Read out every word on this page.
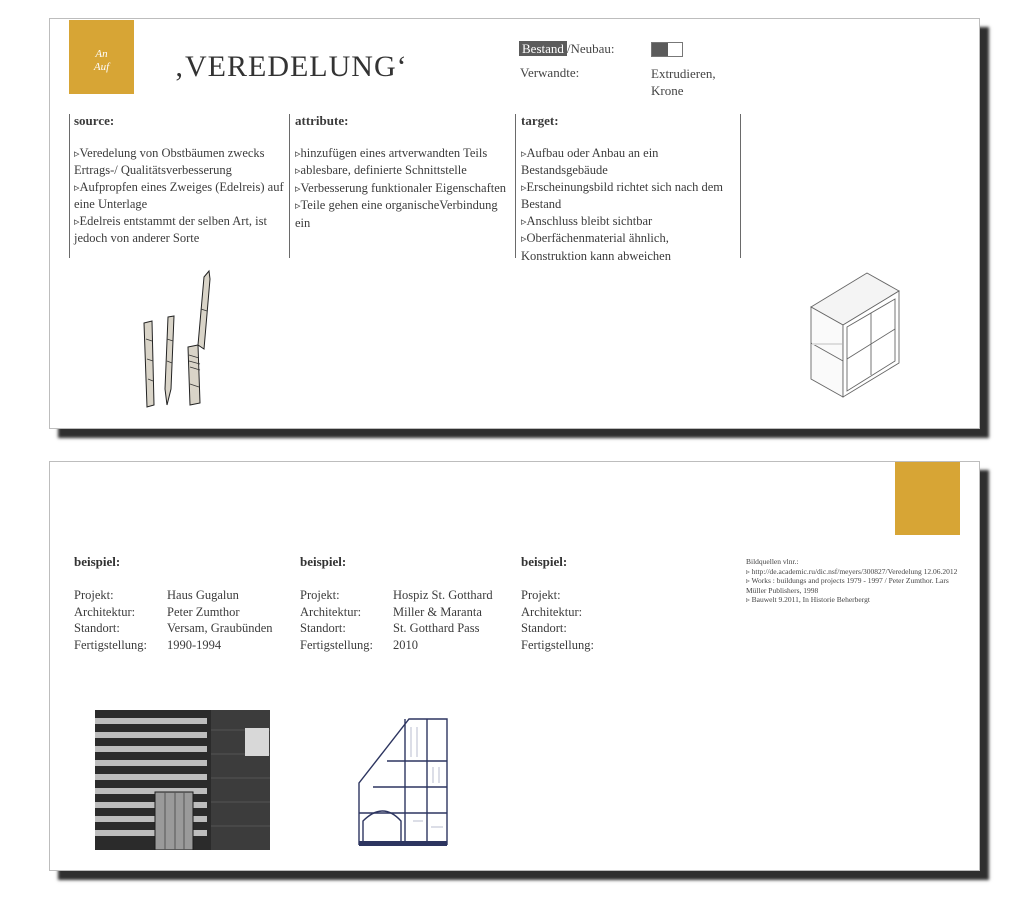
An
Auf	‚VEREDELUNG‘
Bestand /Neubau:
Verwandte:	Extrudieren,
Krone
source:
▹ Veredelung von Obstbäumen zwecks Ertrags-/ Qualitätsverbesserung
▹ Aufpropfen eines Zweiges (Edelreis) auf eine Unterlage
▹ Edelreis entstammt der selben Art, ist jedoch von anderer Sorte
attribute:
▹ hinzufügen eines artverwandten Teils
▹ ablesbare, definierte Schnittstelle
▹ Verbesserung funktionaler Eigenschaften
▹ Teile gehen eine organischeVerbindung ein
target:
▹ Aufbau oder Anbau an ein Bestandsgebäude
▹ Erscheinungsbild richtet sich nach dem Bestand
▹ Anschluss bleibt sichtbar
▹ Oberfächenmaterial ähnlich, Konstruktion kann abweichen
beispiel:
Projekt:	Haus Gugalun
Architektur:	Peter Zumthor
Standort:	Versam, Graubünden
Fertigstellung:	1990-1994
beispiel:
Projekt:	Hospiz St. Gotthard
Architektur:	Miller & Maranta
Standort:	St. Gotthard Pass
Fertigstellung:	2010
beispiel:
Projekt:
Architektur:
Standort:
Fertigstellung:
Bildquellen vlnr.:
▹ http://de.academic.ru/dic.nsf/meyers/300827/Veredelung 12.06.2012
▹ Works : buildungs and projects 1979 - 1997 / Peter Zumthor. Lars Müller Publishers, 1998
▹ Bauwelt 9.2011, In Historie Beherbergt
